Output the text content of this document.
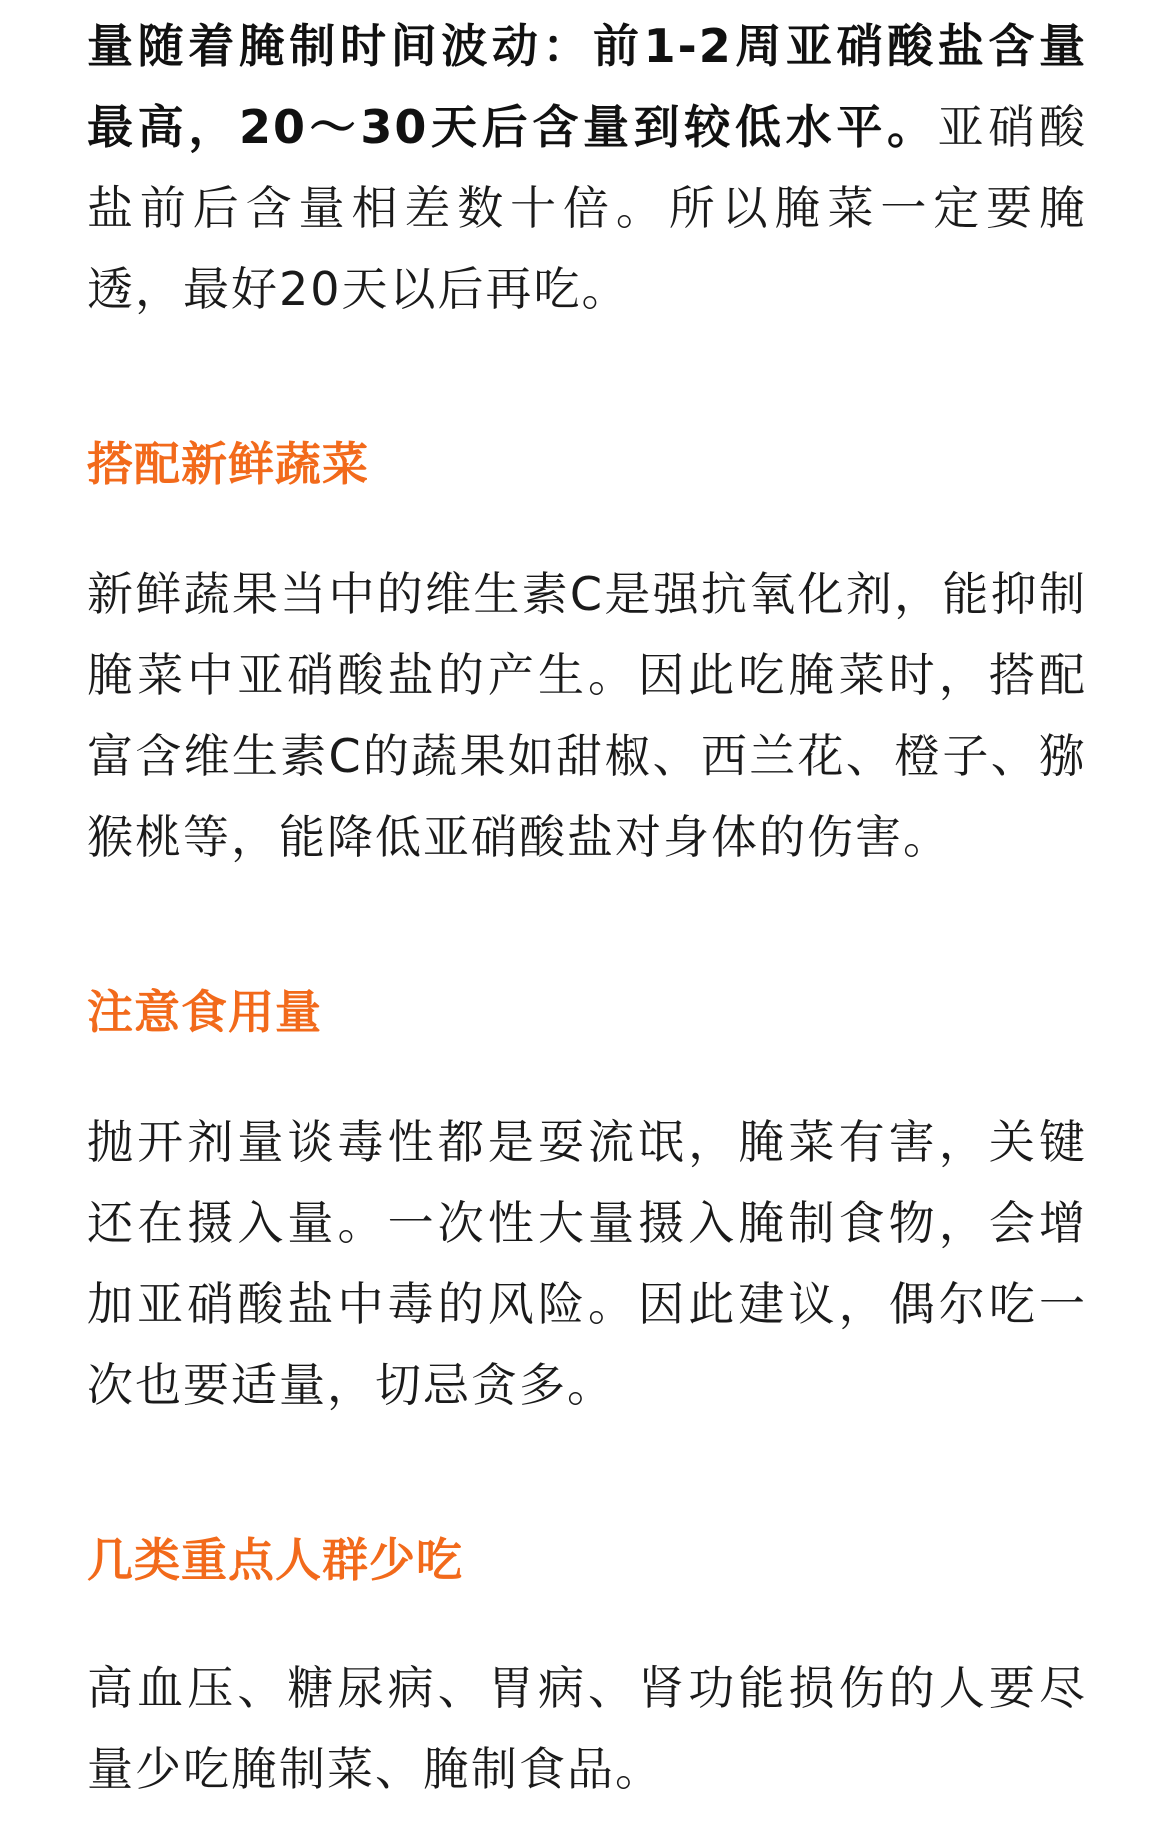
量随着腌制时间波动：前1-2周亚硝酸盐含量最高，20～30天后含量到较低水平。亚硝酸盐前后含量相差数十倍。所以腌菜一定要腌透，最好20天以后再吃。

搭配新鲜蔬菜

新鲜蔬果当中的维生素C是强抗氧化剂，能抑制腌菜中亚硝酸盐的产生。因此吃腌菜时，搭配富含维生素C的蔬果如甜椒、西兰花、橙子、猕猴桃等，能降低亚硝酸盐对身体的伤害。

注意食用量

抛开剂量谈毒性都是耍流氓，腌菜有害，关键还在摄入量。一次性大量摄入腌制食物，会增加亚硝酸盐中毒的风险。因此建议，偶尔吃一次也要适量，切忌贪多。

几类重点人群少吃

高血压、糖尿病、胃病、肾功能损伤的人要尽量少吃腌制菜、腌制食品。
